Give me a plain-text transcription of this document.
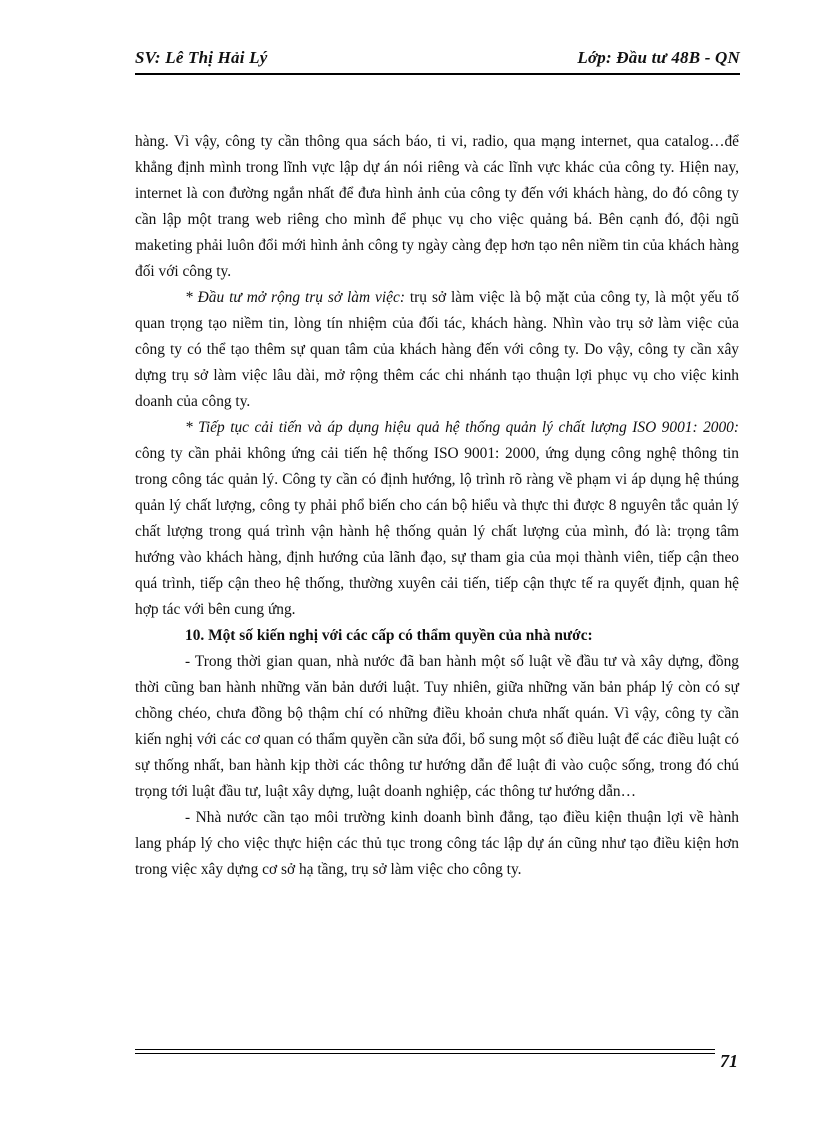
SV: Lê Thị Hải Lý	Lớp: Đầu tư 48B - QN

hàng. Vì vậy, công ty cần thông qua sách báo, ti vi, radio, qua mạng internet, qua catalog…để khẳng định mình trong lĩnh vực lập dự án nói riêng và các lĩnh vực khác của công ty. Hiện nay, internet là con đường ngắn nhất để đưa hình ảnh của công ty đến với khách hàng, do đó công ty cần lập một trang web riêng cho mình để phục vụ cho việc quảng bá. Bên cạnh đó, đội ngũ maketing phải luôn đổi mới hình ảnh công ty ngày càng đẹp hơn tạo nên niềm tin của khách hàng đối với công ty.

* Đầu tư mở rộng trụ sở làm việc: trụ sở làm việc là bộ mặt của công ty, là một yếu tố quan trọng tạo niềm tin, lòng tín nhiệm của đối tác, khách hàng. Nhìn vào trụ sở làm việc của công ty có thể tạo thêm sự quan tâm của khách hàng đến với công ty. Do vậy, công ty cần xây dựng trụ sở làm việc lâu dài, mở rộng thêm các chi nhánh tạo thuận lợi phục vụ cho việc kinh doanh của công ty.

* Tiếp tục cải tiến và áp dụng hiệu quả hệ thống quản lý chất lượng ISO 9001: 2000: công ty cần phải không ứng cải tiến hệ thống ISO 9001: 2000, ứng dụng công nghệ thông tin trong công tác quản lý. Công ty cần có định hướng, lộ trình rõ ràng về phạm vi áp dụng hệ thúng quản lý chất lượng, công ty phải phổ biến cho cán bộ hiểu và thực thi được 8 nguyên tắc quản lý chất lượng trong quá trình vận hành hệ thống quản lý chất lượng của mình, đó là: trọng tâm hướng vào khách hàng, định hướng của lãnh đạo, sự tham gia của mọi thành viên, tiếp cận theo quá trình, tiếp cận theo hệ thống, thường xuyên cải tiến, tiếp cận thực tế ra quyết định, quan hệ hợp tác với bên cung ứng.

10. Một số kiến nghị với các cấp có thẩm quyền của nhà nước:

- Trong thời gian quan, nhà nước đã ban hành một số luật về đầu tư và xây dựng, đồng thời cũng ban hành những văn bản dưới luật. Tuy nhiên, giữa những văn bản pháp lý còn có sự chồng chéo, chưa đồng bộ thậm chí có những điều khoản chưa nhất quán. Vì vậy, công ty cần kiến nghị với các cơ quan có thẩm quyền cần sửa đổi, bổ sung một số điều luật để các điều luật có sự thống nhất, ban hành kịp thời các thông tư hướng dẫn để luật đi vào cuộc sống, trong đó chú trọng tới luật đầu tư, luật xây dựng, luật doanh nghiệp, các thông tư hướng dẫn…

- Nhà nước cần tạo môi trường kinh doanh bình đẳng, tạo điều kiện thuận lợi về hành lang pháp lý cho việc thực hiện các thủ tục trong công tác lập dự án cũng như tạo điều kiện hơn trong việc xây dựng cơ sở hạ tầng, trụ sở làm việc cho công ty.

71
